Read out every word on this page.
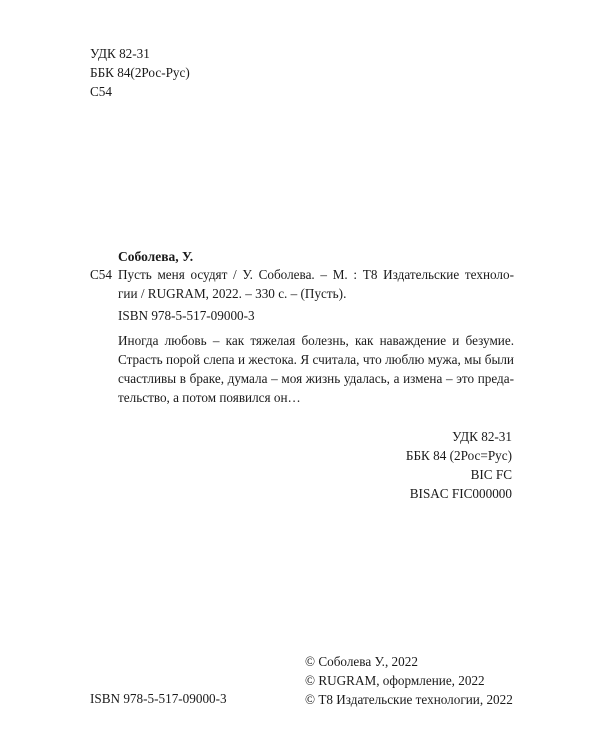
УДК 82-31
ББК 84(2Рос-Рус)
С54
Соболева, У.
С54 Пусть меня осудят / У. Соболева. – М. : Т8 Издательские техноло-
гии / RUGRAM, 2022. – 330 с. – (Пусть).
ISBN 978-5-517-09000-3
Иногда любовь – как тяжелая болезнь, как наваждение и безумие.
Страсть порой слепа и жестока. Я считала, что люблю мужа, мы были
счастливы в браке, думала – моя жизнь удалась, а измена – это преда-
тельство, а потом появился он…
УДК 82-31
ББК 84 (2Рос=Рус)
BIC FC
BISAC FIC000000
© Соболева У., 2022
© RUGRAM, оформление, 2022
© Т8 Издательские технологии, 2022
ISBN 978-5-517-09000-3
